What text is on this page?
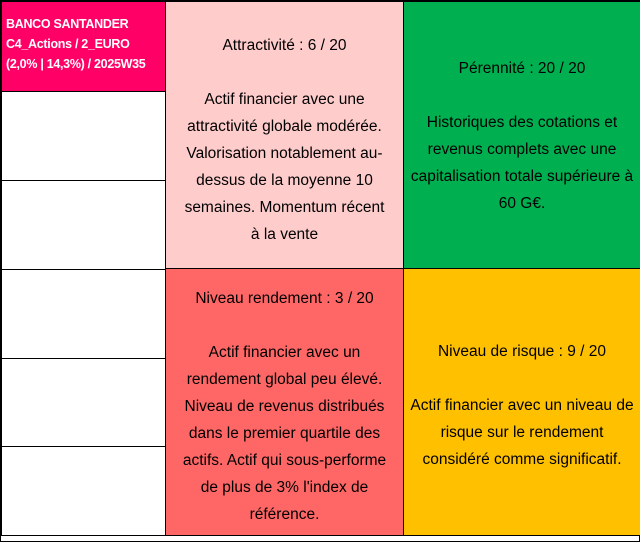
BANCO SANTANDER
C4_Actions / 2_EURO
(2,0% | 14,3%) / 2025W35
Attractivité : 6 / 20
Actif financier avec une attractivité globale modérée. Valorisation notablement au-dessus de la moyenne 10 semaines. Momentum récent à la vente
Pérennité : 20 / 20
Historiques des cotations et revenus complets avec une capitalisation totale supérieure à 60 G€.
Niveau rendement : 3 / 20
Actif financier avec un rendement global peu élevé. Niveau de revenus distribués dans le premier quartile des actifs. Actif qui sous-performe de plus de 3% l'index de référence.
Niveau de risque : 9 / 20
Actif financier avec un niveau de risque sur le rendement considéré comme significatif.
